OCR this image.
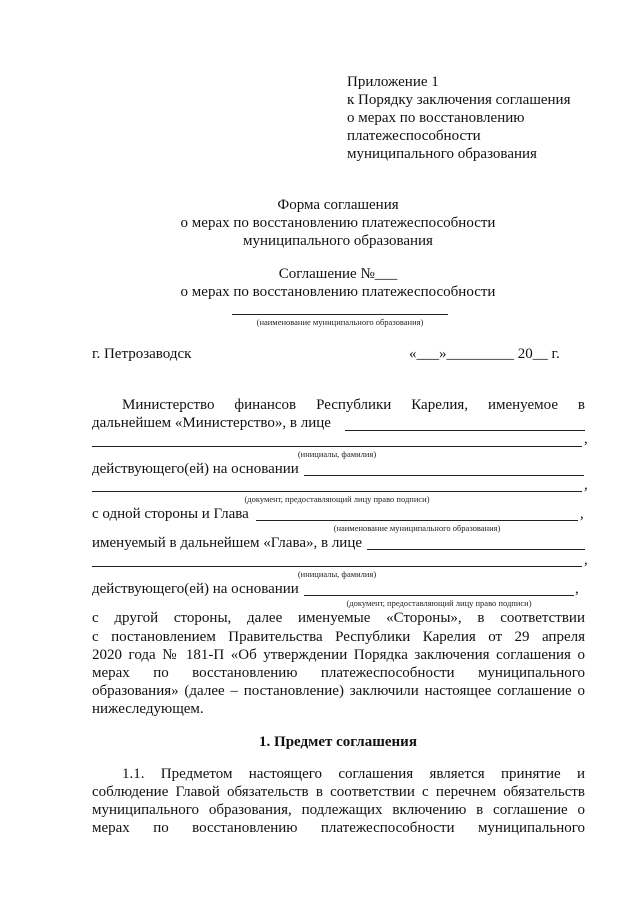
Приложение 1
к Порядку заключения соглашения
о мерах по восстановлению
платежеспособности
муниципального образования
Форма соглашения
о мерах по восстановлению платежеспособности
муниципального образования
Соглашение №___
о мерах по восстановлению платежеспособности
(наименование муниципального образования)
г. Петрозаводск	«___»_________ 20__ г.
Министерство финансов Республики Карелия, именуемое в
дальнейшем «Министерство», в лице
,
(инициалы, фамилия)
действующего(ей) на основании
,
(документ, предоставляющий лицу право подписи)
с одной стороны и Глава	,
(наименование муниципального образования)
именуемый в дальнейшем «Глава», в лице
,
(инициалы, фамилия)
действующего(ей) на основании	,
(документ, предоставляющий лицу право подписи)
с другой стороны, далее именуемые «Стороны», в соответствии
с постановлением Правительства Республики Карелия от 29 апреля
2020 года № 181-П «Об утверждении Порядка заключения соглашения о
мерах по восстановлению платежеспособности муниципального
образования» (далее – постановление) заключили настоящее соглашение о
нижеследующем.
1. Предмет соглашения
1.1. Предметом настоящего соглашения является принятие и
соблюдение Главой обязательств в соответствии с перечнем обязательств
муниципального образования, подлежащих включению в соглашение о
мерах по восстановлению платежеспособности муниципального
